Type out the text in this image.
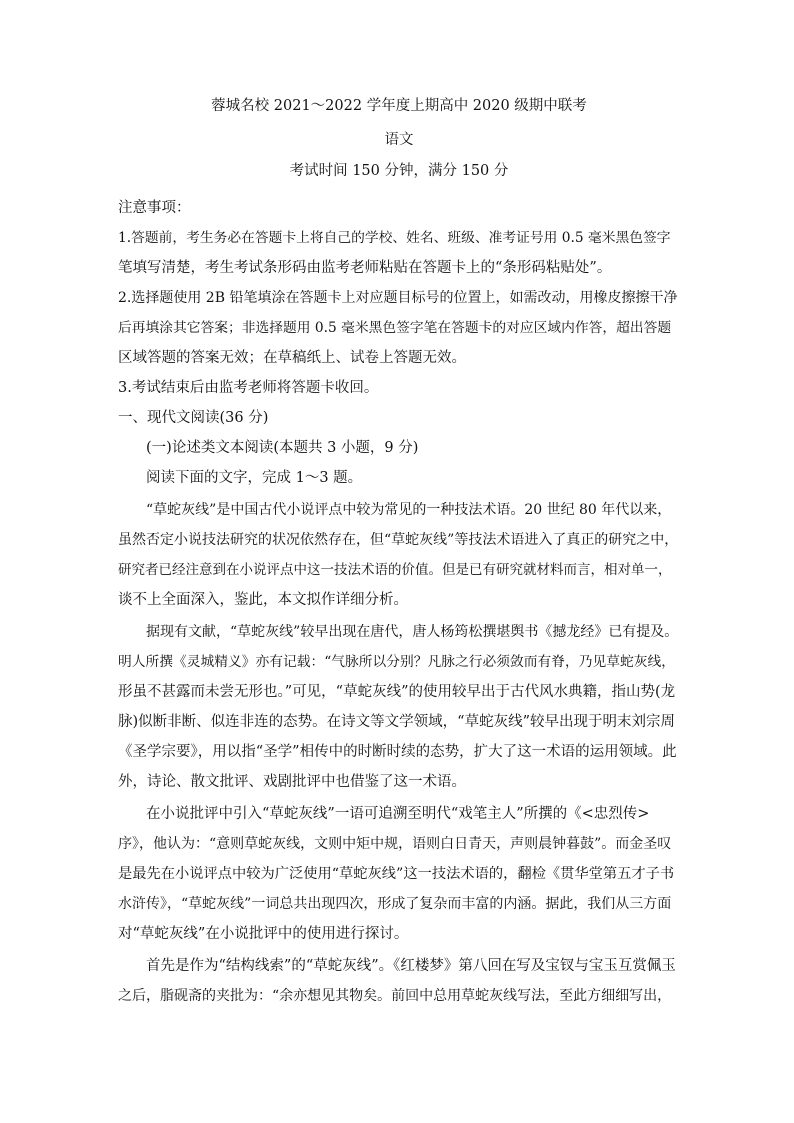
蓉城名校 2021～2022 学年度上期高中 2020 级期中联考
语文
考试时间 150 分钟，满分 150 分
注意事项：
1.答题前，考生务必在答题卡上将自己的学校、姓名、班级、准考证号用 0.5 毫米黑色签字
笔填写清楚，考生考试条形码由监考老师粘贴在答题卡上的“条形码粘贴处”。
2.选择题使用 2B 铅笔填涂在答题卡上对应题目标号的位置上，如需改动，用橡皮擦擦干净
后再填涂其它答案；非选择题用 0.5 毫米黑色签字笔在答题卡的对应区域内作答，超出答题
区域答题的答案无效；在草稿纸上、试卷上答题无效。
3.考试结束后由监考老师将答题卡收回。
一、现代文阅读(36 分)
(一)论述类文本阅读(本题共 3 小题，9 分)
阅读下面的文字，完成 1～3 题。
“草蛇灰线”是中国古代小说评点中较为常见的一种技法术语。20 世纪 80 年代以来，
虽然否定小说技法研究的状况依然存在，但“草蛇灰线”等技法术语进入了真正的研究之中，
研究者已经注意到在小说评点中这一技法术语的价值。但是已有研究就材料而言，相对单一，
谈不上全面深入，鉴此，本文拟作详细分析。
据现有文献，“草蛇灰线”较早出现在唐代，唐人杨筠松撰堪舆书《撼龙经》已有提及。
明人所撰《灵城精义》亦有记载：“气脉所以分别？凡脉之行必须敛而有脊，乃见草蛇灰线，
形虽不甚露而未尝无形也。”可见，“草蛇灰线”的使用较早出于古代风水典籍，指山势(龙
脉)似断非断、似连非连的态势。在诗文等文学领域，“草蛇灰线”较早出现于明末刘宗周
《圣学宗要》，用以指“圣学”相传中的时断时续的态势，扩大了这一术语的运用领域。此
外，诗论、散文批评、戏剧批评中也借鉴了这一术语。
在小说批评中引入“草蛇灰线”一语可追溯至明代“戏笔主人”所撰的《<忠烈传>
序》，他认为：“意则草蛇灰线，文则中矩中规，语则白日青天，声则晨钟暮鼓”。而金圣叹
是最先在小说评点中较为广泛使用“草蛇灰线”这一技法术语的，翻检《贯华堂第五才子书
水浒传》，“草蛇灰线”一词总共出现四次，形成了复杂而丰富的内涵。据此，我们从三方面
对“草蛇灰线”在小说批评中的使用进行探讨。
首先是作为“结构线索”的“草蛇灰线”。《红楼梦》第八回在写及宝钗与宝玉互赏佩玉
之后，脂砚斋的夹批为：“余亦想见其物矣。前回中总用草蛇灰线写法，至此方细细写出，
